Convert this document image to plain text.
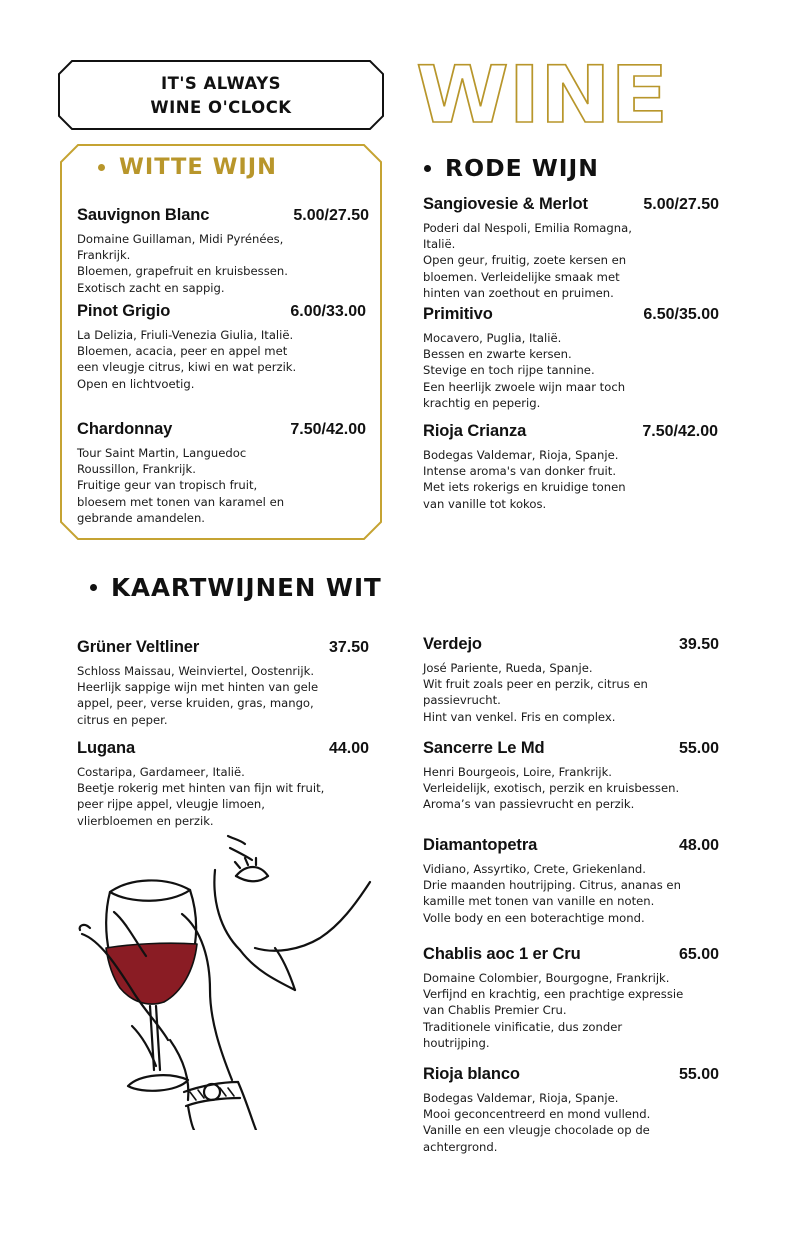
IT'S ALWAYS
WINE O'CLOCK	WINE
WITTE WIJN
Sauvignon Blanc	5.00/27.50
Domaine Guillaman, Midi Pyrénées,
Frankrijk.
Bloemen, grapefruit en kruisbessen.
Exotisch zacht en sappig.
Pinot Grigio	6.00/33.00
La Delizia, Friuli-Venezia Giulia, Italië.
Bloemen, acacia, peer en appel met
een vleugje citrus, kiwi en wat perzik.
Open en lichtvoetig.
Chardonnay	7.50/42.00
Tour Saint Martin, Languedoc
Roussillon, Frankrijk.
Fruitige geur van tropisch fruit,
bloesem met tonen van karamel en
gebrande amandelen.
RODE WIJN
Sangiovesie & Merlot	5.00/27.50
Poderi dal Nespoli, Emilia Romagna,
Italië.
Open geur, fruitig, zoete kersen en
bloemen. Verleidelijke smaak met
hinten van zoethout en pruimen.
Primitivo	6.50/35.00
Mocavero, Puglia, Italië.
Bessen en zwarte kersen.
Stevige en toch rijpe tannine.
Een heerlijk zwoele wijn maar toch
krachtig en peperig.
Rioja Crianza	7.50/42.00
Bodegas Valdemar, Rioja, Spanje.
Intense aroma's van donker fruit.
Met iets rokerigs en kruidige tonen
van vanille tot kokos.
KAARTWIJNEN WIT
Grüner Veltliner	37.50
Schloss Maissau, Weinviertel, Oostenrijk.
Heerlijk sappige wijn met hinten van gele
appel, peer, verse kruiden, gras, mango,
citrus en peper.
Lugana	44.00
Costaripa, Gardameer, Italië.
Beetje rokerig met hinten van fijn wit fruit,
peer rijpe appel, vleugje limoen,
vlierbloemen en perzik.
Verdejo	39.50
José Pariente, Rueda, Spanje.
Wit fruit zoals peer en perzik, citrus en
passievrucht.
Hint van venkel. Fris en complex.
Sancerre Le Md	55.00
Henri Bourgeois, Loire, Frankrijk.
Verleidelijk, exotisch, perzik en kruisbessen.
Aroma’s van passievrucht en perzik.
Diamantopetra	48.00
Vidiano, Assyrtiko, Crete, Griekenland.
Drie maanden houtrijping. Citrus, ananas en
kamille met tonen van vanille en noten.
Volle body en een boterachtige mond.
Chablis aoc 1 er Cru	65.00
Domaine Colombier, Bourgogne, Frankrijk.
Verfijnd en krachtig, een prachtige expressie
van Chablis Premier Cru.
Traditionele vinificatie, dus zonder
houtrijping.
Rioja blanco	55.00
Bodegas Valdemar, Rioja, Spanje.
Mooi geconcentreerd en mond vullend.
Vanille en een vleugje chocolade op de
achtergrond.
